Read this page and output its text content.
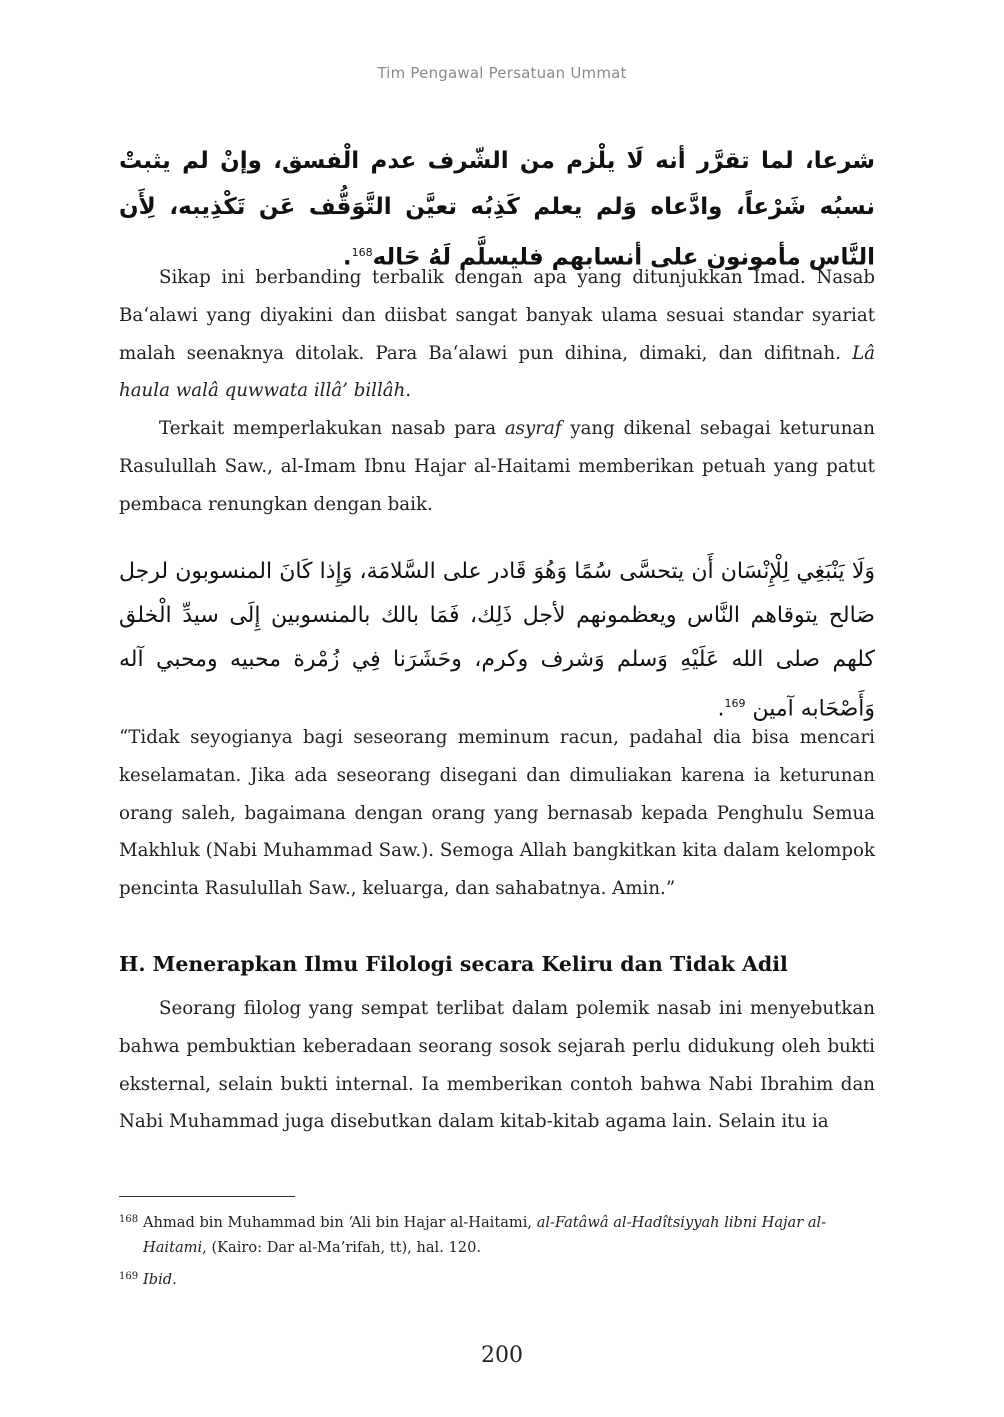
Tim Pengawal Persatuan Ummat
شرعا، لما تقرَّر أنه لَا يلْزم من الشّرف عدم الْفسق، وإنْ لم يثبتْ نسبُه شَرْعاً، وادَّعاه وَلم يعلم كَذِبُه تعيَّن التَّوَقُّف عَن تَكْذِيبه، لِأَن النَّاس مأمونون على أنسابهم فليسلَّم لَهُ حَاله$^{168}$.

Sikap ini berbanding terbalik dengan apa yang ditunjukkan Imad. Nasab Ba‘alawi yang diyakini dan diisbat sangat banyak ulama sesuai standar syariat malah seenaknya ditolak. Para Ba‘alawi pun dihina, dimaki, dan difitnah. Lâ haula walâ quwwata illâ’ billâh.

Terkait memperlakukan nasab para asyraf yang dikenal sebagai keturunan Rasulullah Saw., al-Imam Ibnu Hajar al-Haitami memberikan petuah yang patut pembaca renungkan dengan baik.

وَلَا يَنْبَغِي لِلْإِنْسَان أَن يتحسَّى سُمًا وَهُوَ قَادر على السَّلامَة، وَإِذا كَانَ المنسوبون لرجل صَالح يتوقاهم النَّاس ويعظمونهم لأجل ذَلِك، فَمَا بالك بالمنسوبين إِلَى سيدِّ الْخلق كلهم صلى الله عَلَيْهِ وَسلم وَشرف وكرم، وحَشَرَنا فِي زُمْرة محبيه ومحبي آله وَأَصْحَابه آمين $^{169}$.

“Tidak seyogianya bagi seseorang meminum racun, padahal dia bisa mencari keselamatan. Jika ada seseorang disegani dan dimuliakan karena ia keturunan orang saleh, bagaimana dengan orang yang bernasab kepada Penghulu Semua Makhluk (Nabi Muhammad Saw.). Semoga Allah bangkitkan kita dalam kelompok pencinta Rasulullah Saw., keluarga, dan sahabatnya. Amin.”

H. Menerapkan Ilmu Filologi secara Keliru dan Tidak Adil

Seorang filolog yang sempat terlibat dalam polemik nasab ini menyebutkan bahwa pembuktian keberadaan seorang sosok sejarah perlu didukung oleh bukti eksternal, selain bukti internal. Ia memberikan contoh bahwa Nabi Ibrahim dan Nabi Muhammad juga disebutkan dalam kitab-kitab agama lain. Selain itu ia

168 Ahmad bin Muhammad bin ‘Ali bin Hajar al-Haitami, al-Fatâwâ al-Hadîtsiyyah libni Hajar al-Haitami, (Kairo: Dar al-Ma’rifah, tt), hal. 120.
169 Ibid.
200
